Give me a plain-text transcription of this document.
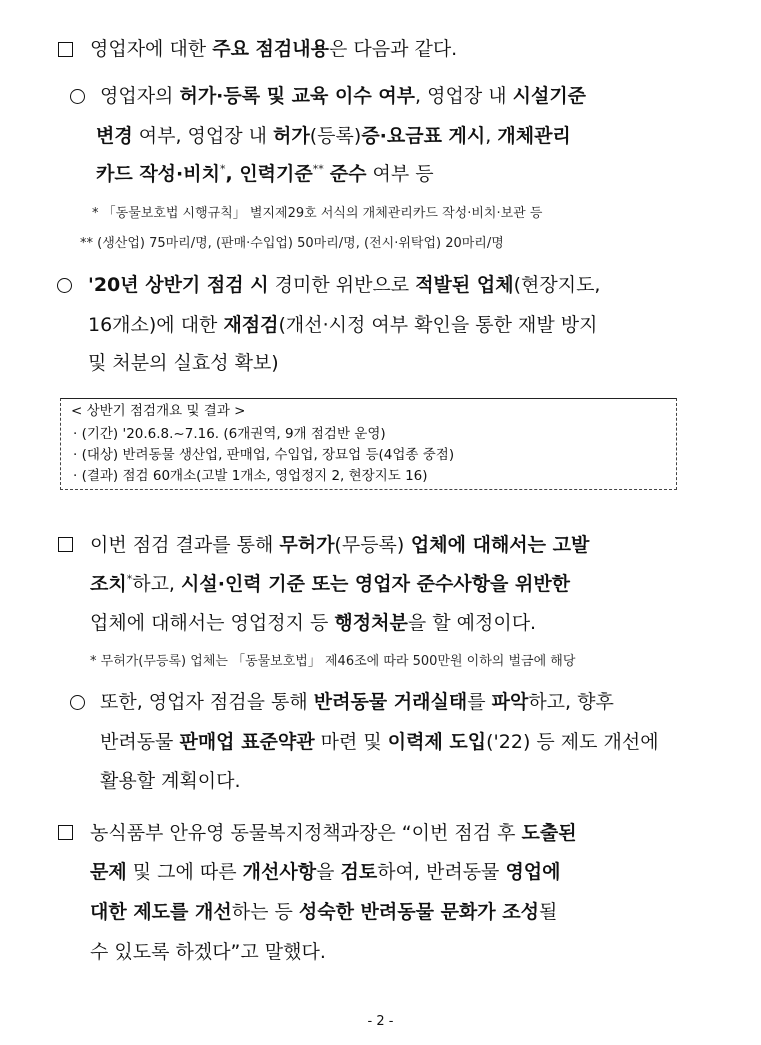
영업자에 대한 주요 점검내용은 다음과 같다.
영업자의 허가·등록 및 교육 이수 여부, 영업장 내 시설기준
변경 여부, 영업장 내 허가(등록)증·요금표 게시, 개체관리
카드 작성·비치*, 인력기준** 준수 여부 등
* 「동물보호법 시행규칙」 별지제29호 서식의 개체관리카드 작성·비치·보관 등
** (생산업) 75마리/명, (판매·수입업) 50마리/명, (전시·위탁업) 20마리/명
'20년 상반기 점검 시 경미한 위반으로 적발된 업체(현장지도,
16개소)에 대한 재점검(개선·시정 여부 확인을 통한 재발 방지
및 처분의 실효성 확보)
< 상반기 점검개요 및 결과 >
· (기간) '20.6.8.~7.16. (6개권역, 9개 점검반 운영)
· (대상) 반려동물 생산업, 판매업, 수입업, 장묘업 등(4업종 중점)
· (결과) 점검 60개소(고발 1개소, 영업정지 2, 현장지도 16)
이번 점검 결과를 통해 무허가(무등록) 업체에 대해서는 고발
조치*하고, 시설·인력 기준 또는 영업자 준수사항을 위반한
업체에 대해서는 영업정지 등 행정처분을 할 예정이다.
* 무허가(무등록) 업체는 「동물보호법」 제46조에 따라 500만원 이하의 벌금에 해당
또한, 영업자 점검을 통해 반려동물 거래실태를 파악하고, 향후
반려동물 판매업 표준약관 마련 및 이력제 도입('22) 등 제도 개선에
활용할 계획이다.
농식품부 안유영 동물복지정책과장은 “이번 점검 후 도출된
문제 및 그에 따른 개선사항을 검토하여, 반려동물 영업에
대한 제도를 개선하는 등 성숙한 반려동물 문화가 조성될
수 있도록 하겠다”고 말했다.
- 2 -
